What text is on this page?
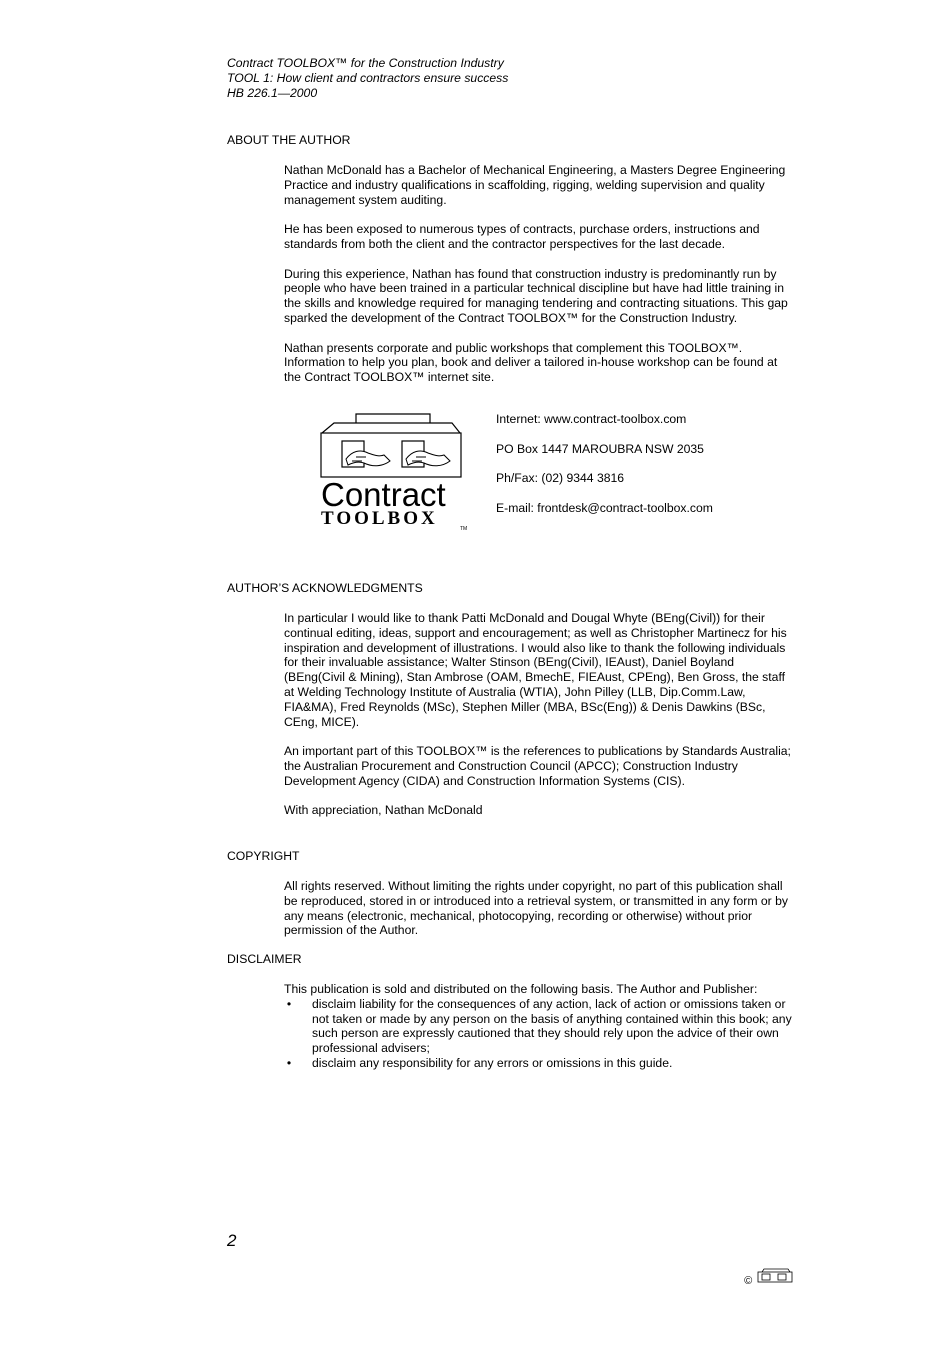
Contract TOOLBOX™ for the Construction Industry
TOOL 1: How client and contractors ensure success
HB 226.1—2000
ABOUT THE AUTHOR

Nathan McDonald has a Bachelor of Mechanical Engineering, a Masters Degree Engineering Practice and industry qualifications in scaffolding, rigging, welding supervision and quality management system auditing.

He has been exposed to numerous types of contracts, purchase orders, instructions and standards from both the client and the contractor perspectives for the last decade.

During this experience, Nathan has found that construction industry is predominantly run by people who have been trained in a particular technical discipline but have had little training in the skills and knowledge required for managing tendering and contracting situations. This gap sparked the development of the Contract TOOLBOX™ for the Construction Industry.

Nathan presents corporate and public workshops that complement this TOOLBOX™. Information to help you plan, book and deliver a tailored in-house workshop can be found at the Contract TOOLBOX™ internet site.

Contract
TOOLBOX	TM
Internet: www.contract-toolbox.com
PO Box 1447 MAROUBRA NSW 2035
Ph/Fax: (02) 9344 3816
E-mail: frontdesk@contract-toolbox.com
AUTHOR’S ACKNOWLEDGMENTS

In particular I would like to thank Patti McDonald and Dougal Whyte (BEng(Civil)) for their continual editing, ideas, support and encouragement; as well as Christopher Martinecz for his inspiration and development of illustrations. I would also like to thank the following individuals for their invaluable assistance; Walter Stinson (BEng(Civil), IEAust), Daniel Boyland (BEng(Civil & Mining), Stan Ambrose (OAM, BmechE, FIEAust, CPEng), Ben Gross, the staff at Welding Technology Institute of Australia (WTIA), John Pilley (LLB, Dip.Comm.Law, FIA&MA), Fred Reynolds (MSc), Stephen Miller (MBA, BSc(Eng)) & Denis Dawkins (BSc, CEng, MICE).

An important part of this TOOLBOX™ is the references to publications by Standards Australia; the Australian Procurement and Construction Council (APCC); Construction Industry Development Agency (CIDA) and Construction Information Systems (CIS).

With appreciation, Nathan McDonald

COPYRIGHT

All rights reserved. Without limiting the rights under copyright, no part of this publication shall be reproduced, stored in or introduced into a retrieval system, or transmitted in any form or by any means (electronic, mechanical, photocopying, recording or otherwise) without prior permission of the Author.

DISCLAIMER
This publication is sold and distributed on the following basis. The Author and Publisher:
• disclaim liability for the consequences of any action, lack of action or omissions taken or not taken or made by any person on the basis of anything contained within this book; any such person are expressly cautioned that they should rely upon the advice of their own professional advisers;
• disclaim any responsibility for any errors or omissions in this guide.
2
©
